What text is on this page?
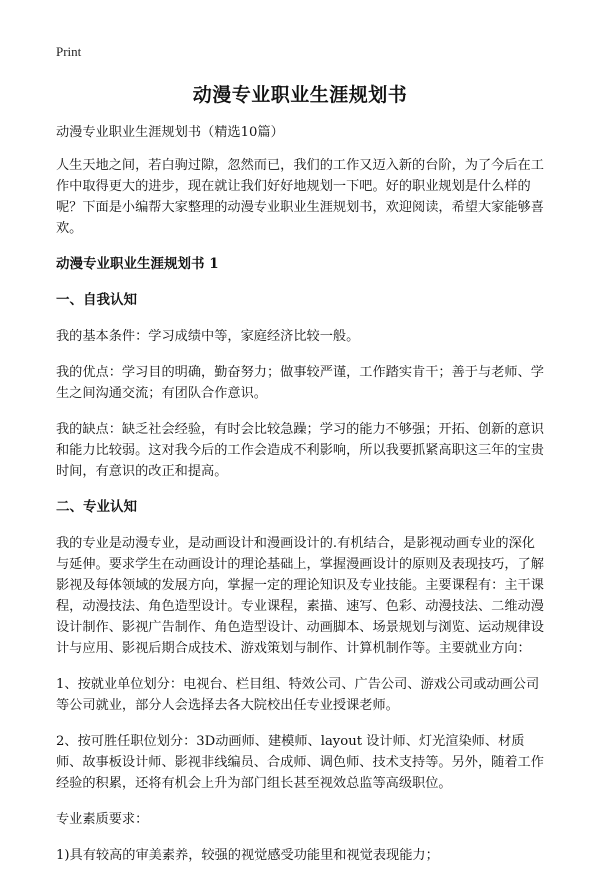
Print
动漫专业职业生涯规划书

动漫专业职业生涯规划书（精选10篇）

人生天地之间，若白驹过隙，忽然而已，我们的工作又迈入新的台阶，为了今后在工作中取得更大的进步，现在就让我们好好地规划一下吧。好的职业规划是什么样的呢？下面是小编帮大家整理的动漫专业职业生涯规划书，欢迎阅读，希望大家能够喜欢。

动漫专业职业生涯规划书 1
一、自我认知

我的基本条件：学习成绩中等，家庭经济比较一般。

我的优点：学习目的明确，勤奋努力；做事较严谨，工作踏实肯干；善于与老师、学生之间沟通交流；有团队合作意识。

我的缺点：缺乏社会经验，有时会比较急躁；学习的能力不够强；开拓、创新的意识和能力比较弱。这对我今后的工作会造成不利影响，所以我要抓紧高职这三年的宝贵时间，有意识的改正和提高。

二、专业认知

我的专业是动漫专业，是动画设计和漫画设计的.有机结合，是影视动画专业的深化与延伸。要求学生在动画设计的理论基础上，掌握漫画设计的原则及表现技巧，了解影视及每体领域的发展方向，掌握一定的理论知识及专业技能。主要课程有：主干课程，动漫技法、角色造型设计。专业课程，素描、速写、色彩、动漫技法、二维动漫设计制作、影视广告制作、角色造型设计、动画脚本、场景规划与浏览、运动规律设计与应用、影视后期合成技术、游戏策划与制作、计算机制作等。主要就业方向：

1、按就业单位划分：电视台、栏目组、特效公司、广告公司、游戏公司或动画公司等公司就业，部分人会选择去各大院校出任专业授课老师。

2、按可胜任职位划分：3D动画师、建模师、layout 设计师、灯光渲染师、材质师、故事板设计师、影视非线编员、合成师、调色师、技术支持等。另外，随着工作经验的积累，还将有机会上升为部门组长甚至视效总监等高级职位。

专业素质要求：

1)具有较高的审美素养，较强的视觉感受功能里和视觉表现能力；
